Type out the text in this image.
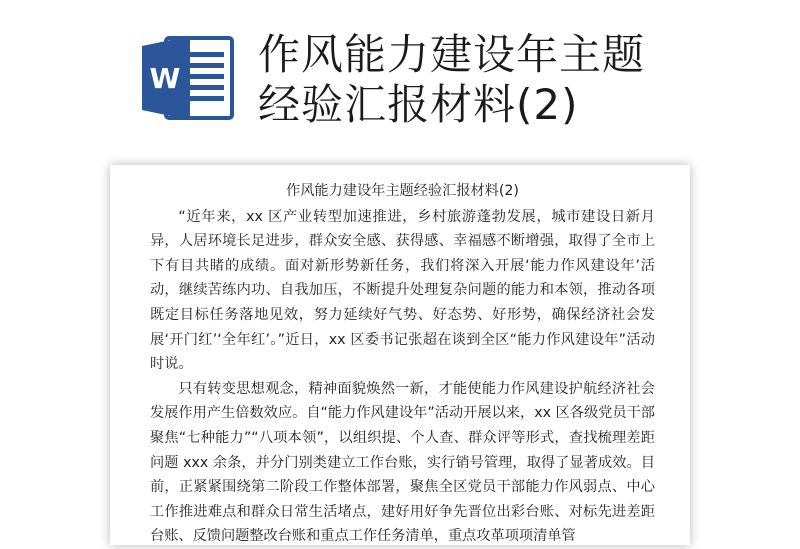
W 作风能力建设年主题
经验汇报材料(2)
作风能力建设年主题经验汇报材料(2)

“近年来，xx 区产业转型加速推进，乡村旅游蓬勃发展，城市建设日新月异，人居环境长足进步，群众安全感、获得感、幸福感不断增强，取得了全市上下有目共睹的成绩。面对新形势新任务，我们将深入开展‘能力作风建设年’活动，继续苦练内功、自我加压，不断提升处理复杂问题的能力和本领，推动各项既定目标任务落地见效，努力延续好气势、好态势、好形势，确保经济社会发展‘开门红’‘全年红’。”近日，xx 区委书记张超在谈到全区“能力作风建设年”活动时说。

只有转变思想观念，精神面貌焕然一新，才能使能力作风建设护航经济社会发展作用产生倍数效应。自“能力作风建设年”活动开展以来，xx 区各级党员干部聚焦“七种能力”“八项本领”，以组织提、个人查、群众评等形式，查找梳理差距问题 xxx 余条，并分门别类建立工作台账，实行销号管理，取得了显著成效。目前，正紧紧围绕第二阶段工作整体部署，聚焦全区党员干部能力作风弱点、中心工作推进难点和群众日常生活堵点，建好用好争先晋位出彩台账、对标先进差距台账、反馈问题整改台账和重点工作任务清单，重点攻革项项清单管
